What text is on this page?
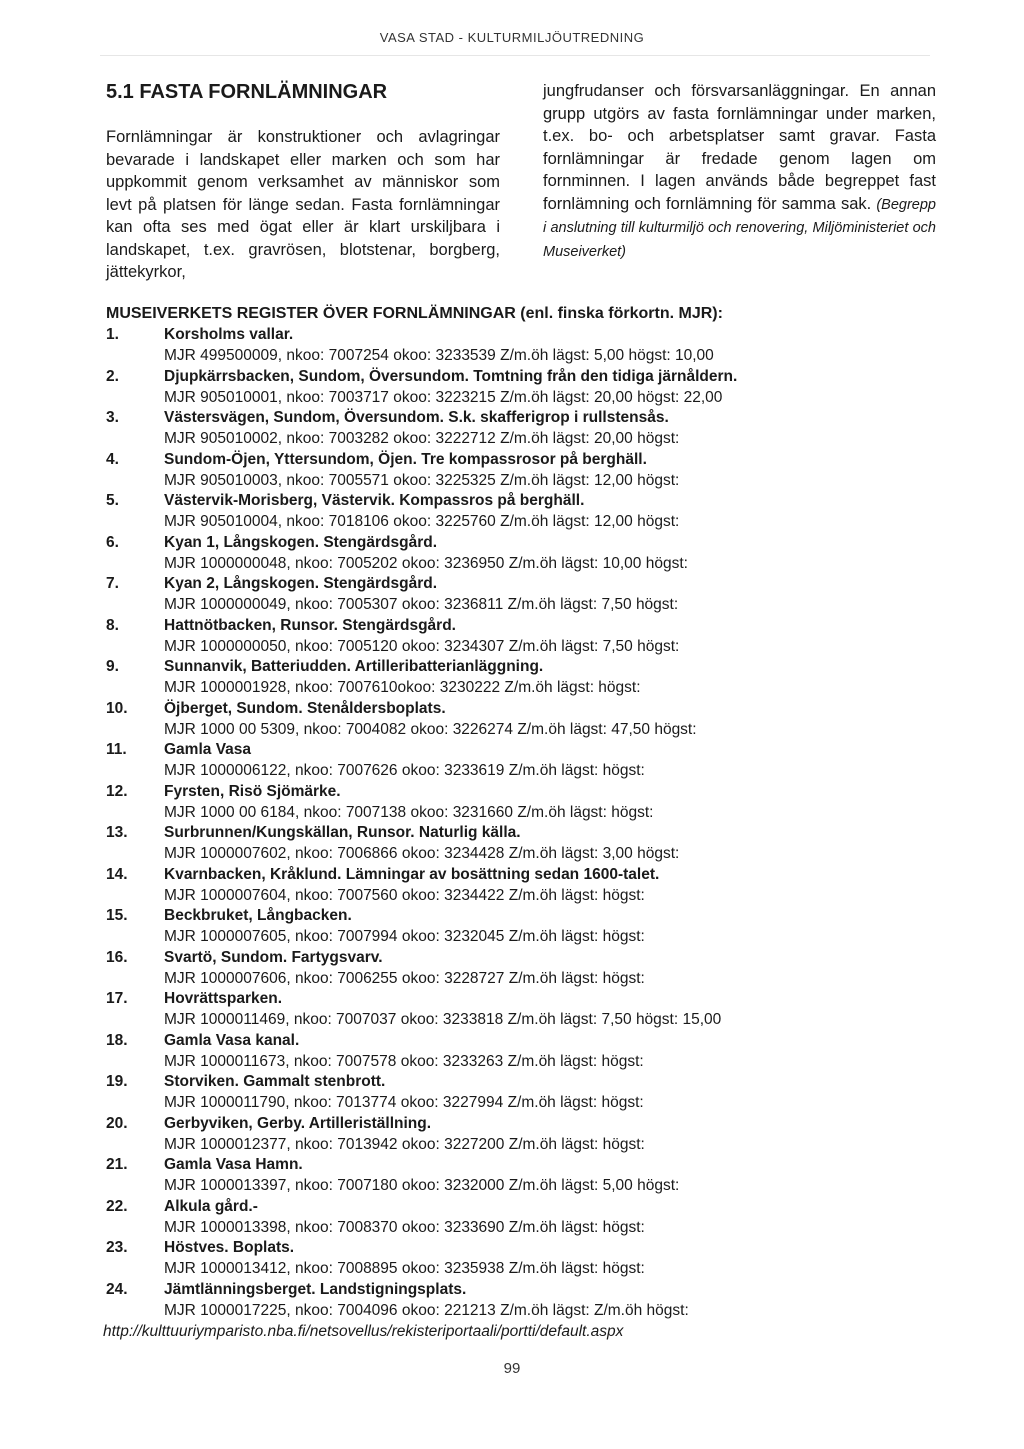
VASA STAD - KULTURMILJÖUTREDNING
5.1 FASTA FORNLÄMNINGAR

Fornlämningar är konstruktioner och avlagringar bevarade i landskapet eller marken och som har uppkommit genom verksamhet av människor som levt på platsen för länge sedan. Fasta fornlämningar kan ofta ses med ögat eller är klart urskiljbara i landskapet, t.ex. gravrösen, blotstenar, borgberg, jättekyrkor,

jungfrudanser och försvarsanläggningar. En annan grupp utgörs av fasta fornlämningar under marken, t.ex. bo- och arbetsplatser samt gravar. Fasta fornlämningar är fredade genom lagen om fornminnen. I lagen används både begreppet fast fornlämning och fornlämning för samma sak. (Begrepp i anslutning till kulturmiljö och renovering, Miljöministeriet och Museiverket)

MUSEIVERKETS REGISTER ÖVER FORNLÄMNINGAR (enl. finska förkortn. MJR):
1.	Korsholms vallar.
MJR 499500009, nkoo: 7007254 okoo: 3233539 Z/m.öh lägst: 5,00 högst: 10,00
2.	Djupkärrsbacken, Sundom, Översundom. Tomtning från den tidiga järnåldern.
MJR 905010001, nkoo: 7003717 okoo: 3223215 Z/m.öh lägst: 20,00 högst: 22,00
3.	Västersvägen, Sundom, Översundom. S.k. skafferigrop i rullstensås.
MJR 905010002, nkoo: 7003282 okoo: 3222712 Z/m.öh lägst: 20,00 högst:
4.	Sundom-Öjen, Yttersundom, Öjen. Tre kompassrosor på berghäll.
MJR 905010003, nkoo: 7005571 okoo: 3225325 Z/m.öh lägst: 12,00 högst:
5.	Västervik-Morisberg, Västervik. Kompassros på berghäll.
MJR 905010004, nkoo: 7018106 okoo: 3225760 Z/m.öh lägst: 12,00 högst:
6.	Kyan 1, Långskogen. Stengärdsgård.
MJR 1000000048, nkoo: 7005202 okoo: 3236950 Z/m.öh lägst: 10,00 högst:
7.	Kyan 2, Långskogen. Stengärdsgård.
MJR 1000000049, nkoo: 7005307 okoo: 3236811 Z/m.öh lägst: 7,50 högst:
8.	Hattnötbacken, Runsor. Stengärdsgård.
MJR 1000000050, nkoo: 7005120 okoo: 3234307 Z/m.öh lägst: 7,50 högst:
9.	Sunnanvik, Batteriudden. Artilleribatterianläggning.
MJR 1000001928, nkoo: 7007610okoo: 3230222 Z/m.öh lägst: högst:
10. Öjberget, Sundom. Stenåldersboplats.
MJR 1000 00 5309, nkoo: 7004082 okoo: 3226274 Z/m.öh lägst: 47,50 högst:
11. Gamla Vasa
MJR 1000006122, nkoo: 7007626 okoo: 3233619 Z/m.öh lägst: högst:
12. Fyrsten, Risö Sjömärke.
MJR 1000 00 6184, nkoo: 7007138 okoo: 3231660 Z/m.öh lägst: högst:
13. Surbrunnen/Kungskällan, Runsor. Naturlig källa.
MJR 1000007602, nkoo: 7006866 okoo: 3234428 Z/m.öh lägst: 3,00 högst:
14. Kvarnbacken, Kråklund. Lämningar av bosättning sedan 1600-talet.
MJR 1000007604, nkoo: 7007560 okoo: 3234422 Z/m.öh lägst: högst:
15. Beckbruket, Långbacken.
MJR 1000007605, nkoo: 7007994 okoo: 3232045 Z/m.öh lägst: högst:
16. Svartö, Sundom. Fartygsvarv.
MJR 1000007606, nkoo: 7006255 okoo: 3228727 Z/m.öh lägst: högst:
17. Hovrättsparken.
MJR 1000011469, nkoo: 7007037 okoo: 3233818 Z/m.öh lägst: 7,50 högst: 15,00
18. Gamla Vasa kanal.
MJR 1000011673, nkoo: 7007578 okoo: 3233263 Z/m.öh lägst: högst:
19. Storviken. Gammalt stenbrott.
MJR 1000011790, nkoo: 7013774 okoo: 3227994 Z/m.öh lägst: högst:
20. Gerbyviken, Gerby. Artilleriställning.
MJR 1000012377, nkoo: 7013942 okoo: 3227200 Z/m.öh lägst: högst:
21. Gamla Vasa Hamn.
MJR 1000013397, nkoo: 7007180 okoo: 3232000 Z/m.öh lägst: 5,00 högst:
22. Alkula gård.-
MJR 1000013398, nkoo: 7008370 okoo: 3233690 Z/m.öh lägst: högst:
23. Höstves. Boplats.
MJR 1000013412, nkoo: 7008895 okoo: 3235938 Z/m.öh lägst: högst:
24. Jämtlänningsberget. Landstigningsplats.
MJR 1000017225, nkoo: 7004096 okoo: 221213 Z/m.öh lägst: Z/m.öh högst:
http://kulttuuriymparisto.nba.fi/netsovellus/rekisteriportaali/portti/default.aspx
99
